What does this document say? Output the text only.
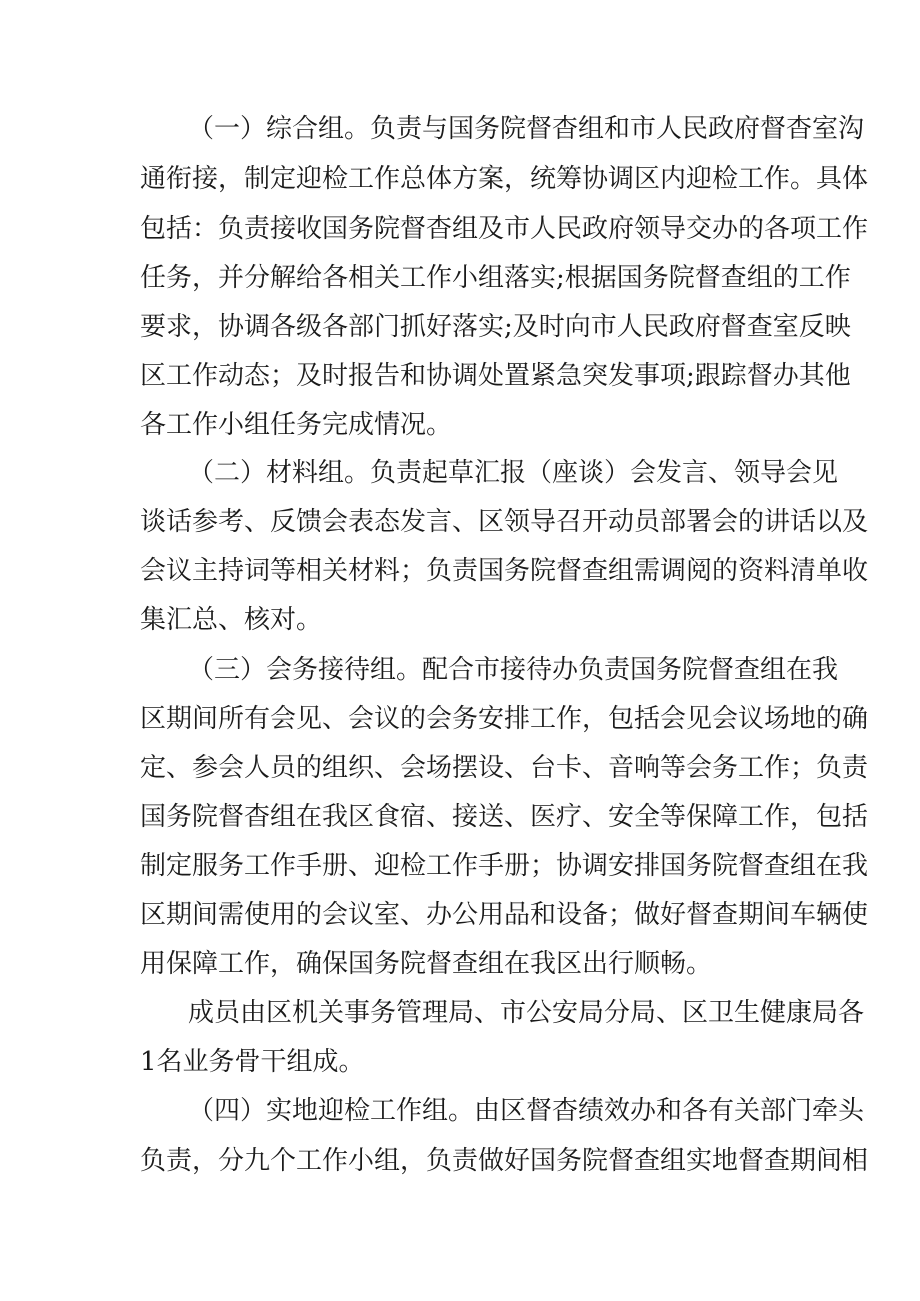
（一）综合组。负责与国务院督杳组和市人民政府督杳室沟
通衔接，制定迎检工作总体方案，统筹协调区内迎检工作。具体
包括：负责接收国务院督杳组及市人民政府领导交办的各项工作
任务，并分解给各相关工作小组落实;根据国务院督查组的工作
要求，协调各级各部门抓好落实;及时向市人民政府督查室反映
区工作动态；及时报告和协调处置紧急突发事项;跟踪督办其他
各工作小组任务完成情况。
（二）材料组。负责起草汇报（座谈）会发言、领导会见
谈话参考、反馈会表态发言、区领导召开动员部署会的讲话以及
会议主持词等相关材料；负责国务院督查组需调阅的资料清单收
集汇总、核对。
（三）会务接待组。配合市接待办负责国务院督查组在我
区期间所有会见、会议的会务安排工作，包括会见会议场地的确
定、参会人员的组织、会场摆设、台卡、音响等会务工作；负责
国务院督杳组在我区食宿、接送、医疗、安全等保障工作，包括
制定服务工作手册、迎检工作手册；协调安排国务院督查组在我
区期间需使用的会议室、办公用品和设备；做好督查期间车辆使
用保障工作，确保国务院督查组在我区出行顺畅。
成员由区机关事务管理局、市公安局分局、区卫生健康局各
1名业务骨干组成。
（四）实地迎检工作组。由区督杳绩效办和各有关部门牵头
负责，分九个工作小组，负责做好国务院督查组实地督查期间相
